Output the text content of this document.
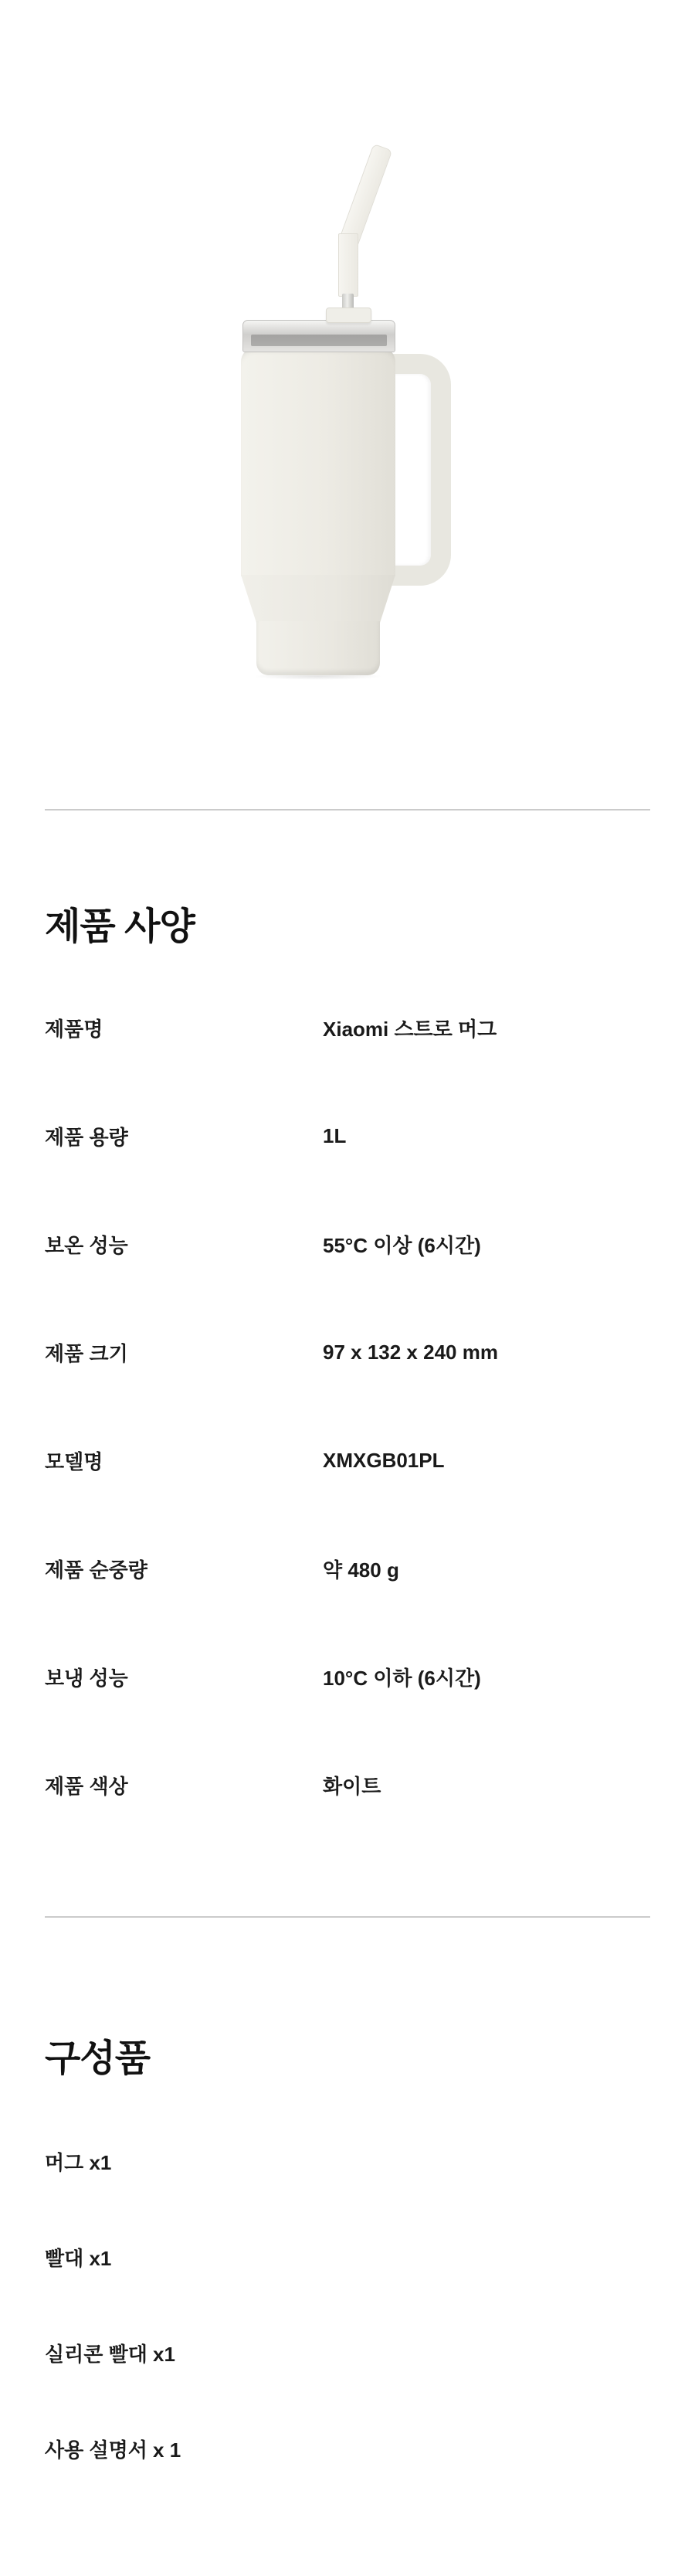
제품 사양
제품명	Xiaomi 스트로 머그
제품 용량	1L
보온 성능	55°C 이상 (6시간)
제품 크기	97 x 132 x 240 mm
모델명	XMXGB01PL
제품 순중량	약 480 g
보냉 성능	10°C 이하 (6시간)
제품 색상	화이트
구성품
머그 x1
빨대 x1
실리콘 빨대 x1
사용 설명서 x 1
